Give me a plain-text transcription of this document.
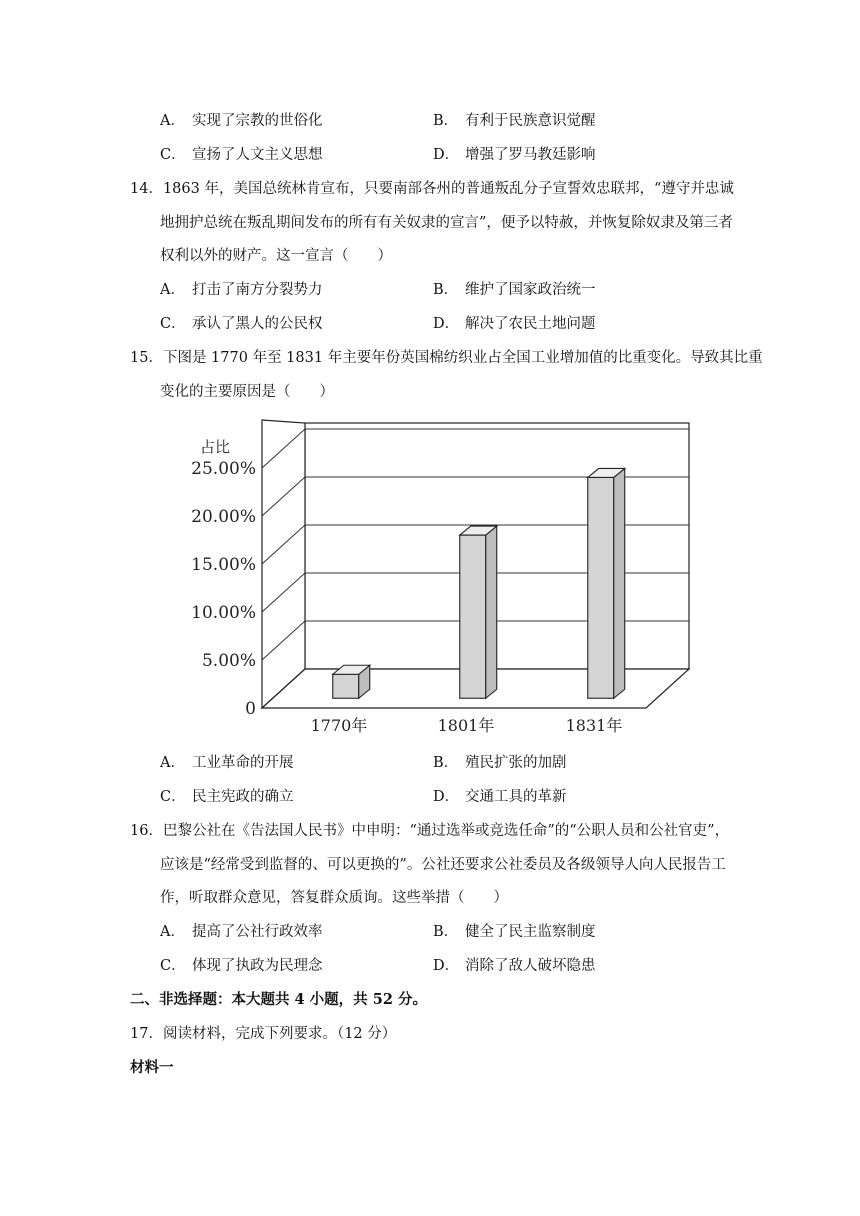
A． 实现了宗教的世俗化	B． 有利于民族意识觉醒
C． 宣扬了人文主义思想	D． 增强了罗马教廷影响
14．1863 年，美国总统林肯宣布，只要南部各州的普通叛乱分子宣誓效忠联邦，“遵守并忠诚
地拥护总统在叛乱期间发布的所有有关奴隶的宣言”，便予以特赦，并恢复除奴隶及第三者
权利以外的财产。这一宣言（　　）
A． 打击了南方分裂势力	B． 维护了国家政治统一
C． 承认了黑人的公民权	D． 解决了农民土地问题
15．下图是 1770 年至 1831 年主要年份英国棉纺织业占全国工业增加值的比重变化。导致其比重
变化的主要原因是（　　）
0
5.00%
10.00%
15.00%
20.00%
25.00%
1770年	1801年	1831年
占比
A． 工业革命的开展	B． 殖民扩张的加剧
C． 民主宪政的确立	D． 交通工具的革新
16．巴黎公社在《告法国人民书》中申明：“通过选举或竞选任命”的“公职人员和公社官吏”，
应该是“经常受到监督的、可以更换的”。公社还要求公社委员及各级领导人向人民报告工
作，听取群众意见，答复群众质询。这些举措（　　）
A． 提高了公社行政效率	B． 健全了民主监察制度
C． 体现了执政为民理念	D． 消除了敌人破坏隐患
二、非选择题：本大题共 4 小题，共 52 分。
17．阅读材料，完成下列要求。（12 分）
材料一
